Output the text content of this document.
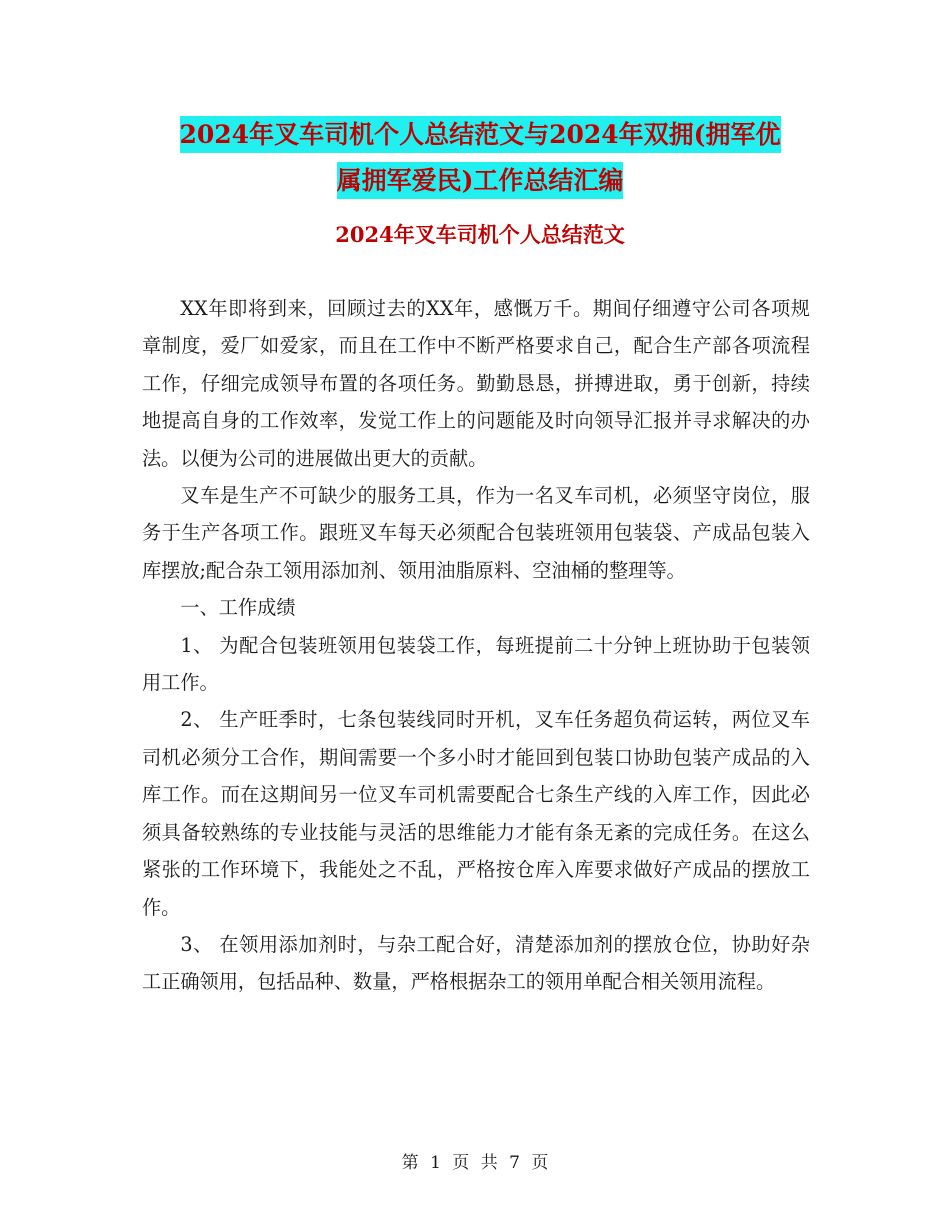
2024年叉车司机个人总结范文与2024年双拥(拥军优
属拥军爱民)工作总结汇编
2024年叉车司机个人总结范文

XX年即将到来，回顾过去的XX年，感慨万千。期间仔细遵守公司各项规章制度，爱厂如爱家，而且在工作中不断严格要求自己，配合生产部各项流程工作，仔细完成领导布置的各项任务。勤勤恳恳，拼搏进取，勇于创新，持续地提高自身的工作效率，发觉工作上的问题能及时向领导汇报并寻求解决的办法。以便为公司的进展做出更大的贡献。

叉车是生产不可缺少的服务工具，作为一名叉车司机，必须坚守岗位，服务于生产各项工作。跟班叉车每天必须配合包装班领用包装袋、产成品包装入库摆放;配合杂工领用添加剂、领用油脂原料、空油桶的整理等。

一、工作成绩

1、 为配合包装班领用包装袋工作，每班提前二十分钟上班协助于包装领用工作。

2、 生产旺季时，七条包装线同时开机，叉车任务超负荷运转，两位叉车司机必须分工合作，期间需要一个多小时才能回到包装口协助包装产成品的入库工作。而在这期间另一位叉车司机需要配合七条生产线的入库工作，因此必须具备较熟练的专业技能与灵活的思维能力才能有条无紊的完成任务。在这么紧张的工作环境下，我能处之不乱，严格按仓库入库要求做好产成品的摆放工作。

3、 在领用添加剂时，与杂工配合好，清楚添加剂的摆放仓位，协助好杂工正确领用，包括品种、数量，严格根据杂工的领用单配合相关领用流程。

第 1 页 共 7 页
